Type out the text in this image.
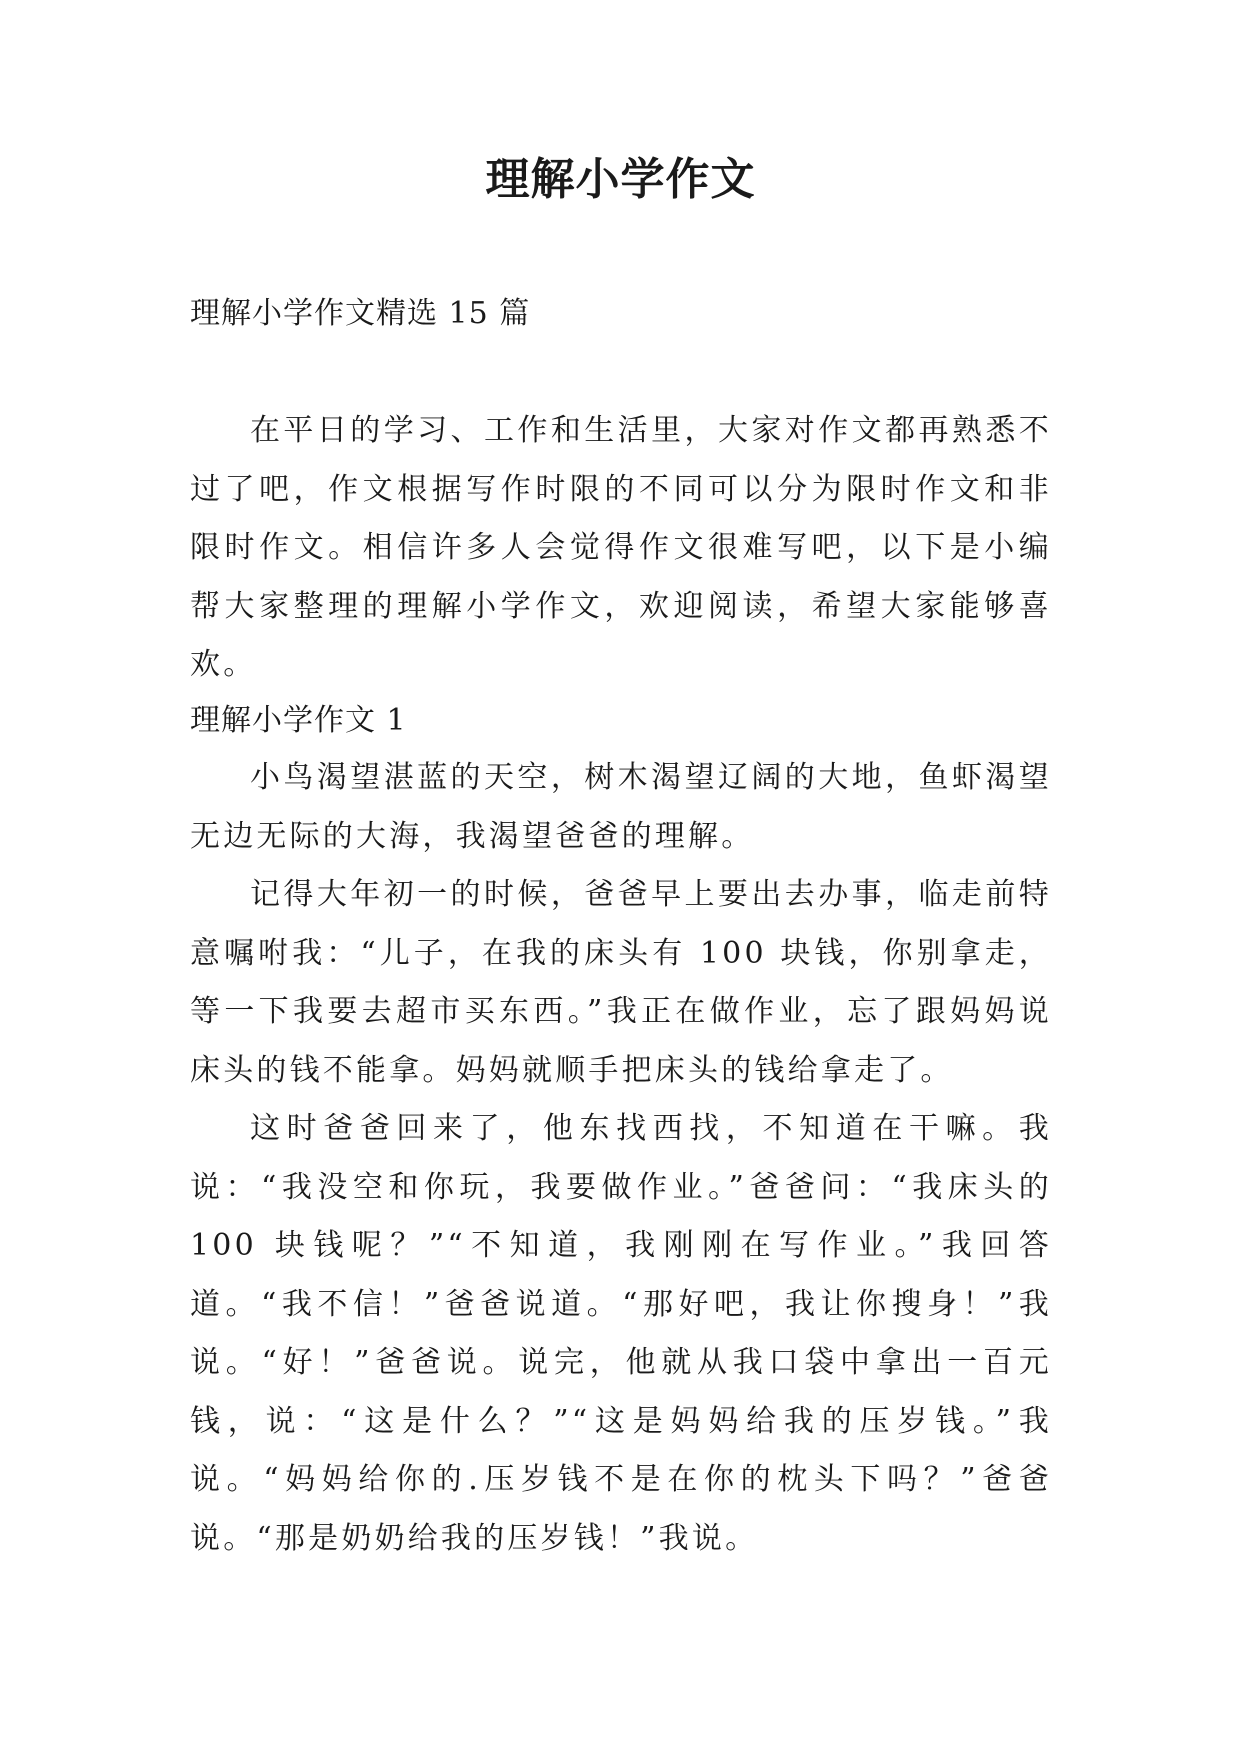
理解小学作文

理解小学作文精选 15 篇

在平日的学习、工作和生活里，大家对作文都再熟悉不过了吧，作文根据写作时限的不同可以分为限时作文和非限时作文。相信许多人会觉得作文很难写吧，以下是小编帮大家整理的理解小学作文，欢迎阅读，希望大家能够喜欢。

理解小学作文 1

小鸟渴望湛蓝的天空，树木渴望辽阔的大地，鱼虾渴望无边无际的大海，我渴望爸爸的理解。

记得大年初一的时候，爸爸早上要出去办事，临走前特意嘱咐我：“儿子，在我的床头有 100 块钱，你别拿走，等一下我要去超市买东西。”我正在做作业，忘了跟妈妈说床头的钱不能拿。妈妈就顺手把床头的钱给拿走了。

这时爸爸回来了，他东找西找，不知道在干嘛。我说：“我没空和你玩，我要做作业。”爸爸问：“我床头的 100 块钱呢？”“不知道，我刚刚在写作业。”我回答道。“我不信！”爸爸说道。“那好吧，我让你搜身！”我说。“好！”爸爸说。说完，他就从我口袋中拿出一百元钱，说：“这是什么？”“这是妈妈给我的压岁钱。”我说。“妈妈给你的.压岁钱不是在你的枕头下吗？”爸爸说。“那是奶奶给我的压岁钱！”我说。
